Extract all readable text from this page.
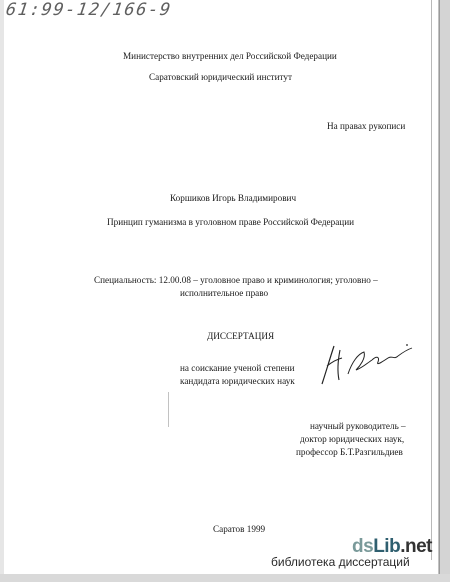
61:99-12/166-9
Министерство внутренних дел Российской Федерации
Саратовский юридический институт
На правах рукописи
Коршиков Игорь Владимирович
Принцип гуманизма в уголовном праве Российской Федерации
Специальность: 12.00.08 – уголовное право и криминология; уголовно –
исполнительное право
ДИССЕРТАЦИЯ
на соискание ученой степени
кандидата юридических наук
научный руководитель –
доктор юридических наук,
профессор Б.Т.Разгильдиев
Саратов 1999
dsLib.net
библиотека диссертаций
